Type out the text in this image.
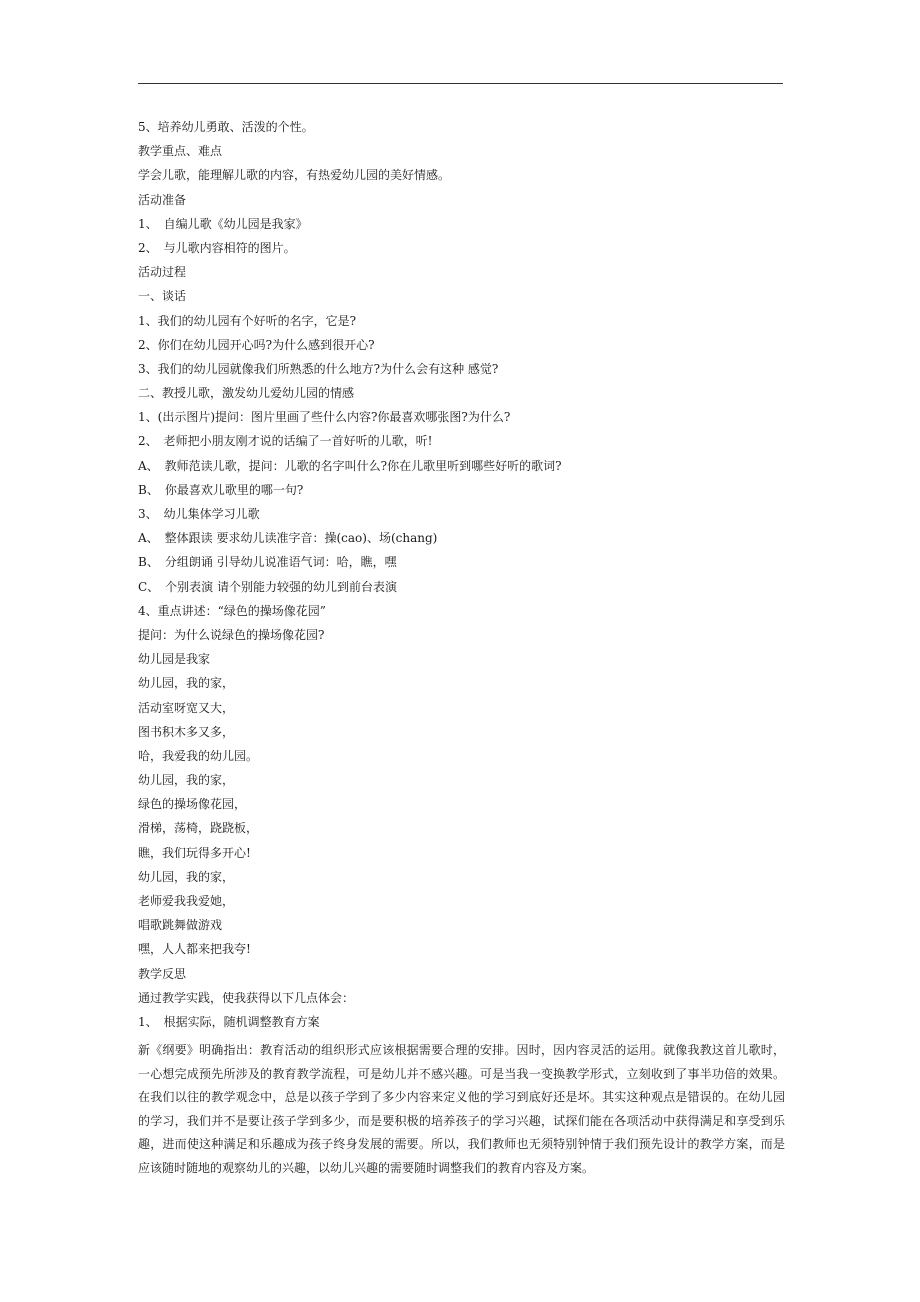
5、培养幼儿勇敢、活泼的个性。
教学重点、难点
学会儿歌，能理解儿歌的内容，有热爱幼儿园的美好情感。
活动准备
1、　自编儿歌《幼儿园是我家》
2、　与儿歌内容相符的图片。
活动过程
一、谈话
1、我们的幼儿园有个好听的名字，它是?
2、你们在幼儿园开心吗?为什么感到很开心?
3、我们的幼儿园就像我们所熟悉的什么地方?为什么会有这种 感觉?
二、教授儿歌，激发幼儿爱幼儿园的情感
1、(出示图片)提问：图片里画了些什么内容?你最喜欢哪张图?为什么?
2、　老师把小朋友刚才说的话编了一首好听的儿歌，听!
A、　教师范读儿歌，提问：儿歌的名字叫什么?你在儿歌里听到哪些好听的歌词?
B、　你最喜欢儿歌里的哪一句?
3、　幼儿集体学习儿歌
A、　整体跟读 要求幼儿读准字音：操(cao)、场(chang)
B、　分组朗诵 引导幼儿说准语气词：哈，瞧，嘿
C、　个别表演 请个别能力较强的幼儿到前台表演
4、重点讲述：“绿色的操场像花园”
提问：为什么说绿色的操场像花园?
幼儿园是我家
幼儿园，我的家，
活动室呀宽又大，
图书积木多又多，
哈，我爱我的幼儿园。
幼儿园，我的家，
绿色的操场像花园，
滑梯，荡椅，跷跷板，
瞧，我们玩得多开心!
幼儿园，我的家，
老师爱我我爱她，
唱歌跳舞做游戏
嘿，人人都来把我夸!
教学反思
通过教学实践，使我获得以下几点体会：
1、　根据实际，随机调整教育方案
新《纲要》明确指出：教育活动的组织形式应该根据需要合理的安排。因时，因内容灵活的运用。就像我教这首儿歌时，一心想完成预先所涉及的教育教学流程，可是幼儿并不感兴趣。可是当我一变换教学形式，立刻收到了事半功倍的效果。在我们以往的教学观念中，总是以孩子学到了多少内容来定义他的学习到底好还是坏。其实这种观点是错误的。在幼儿园的学习，我们并不是要让孩子学到多少，而是要积极的培养孩子的学习兴趣，试探们能在各项活动中获得满足和享受到乐趣，进而使这种满足和乐趣成为孩子终身发展的需要。所以，我们教师也无须特别钟情于我们预先设计的教学方案，而是应该随时随地的观察幼儿的兴趣，以幼儿兴趣的需要随时调整我们的教育内容及方案。
